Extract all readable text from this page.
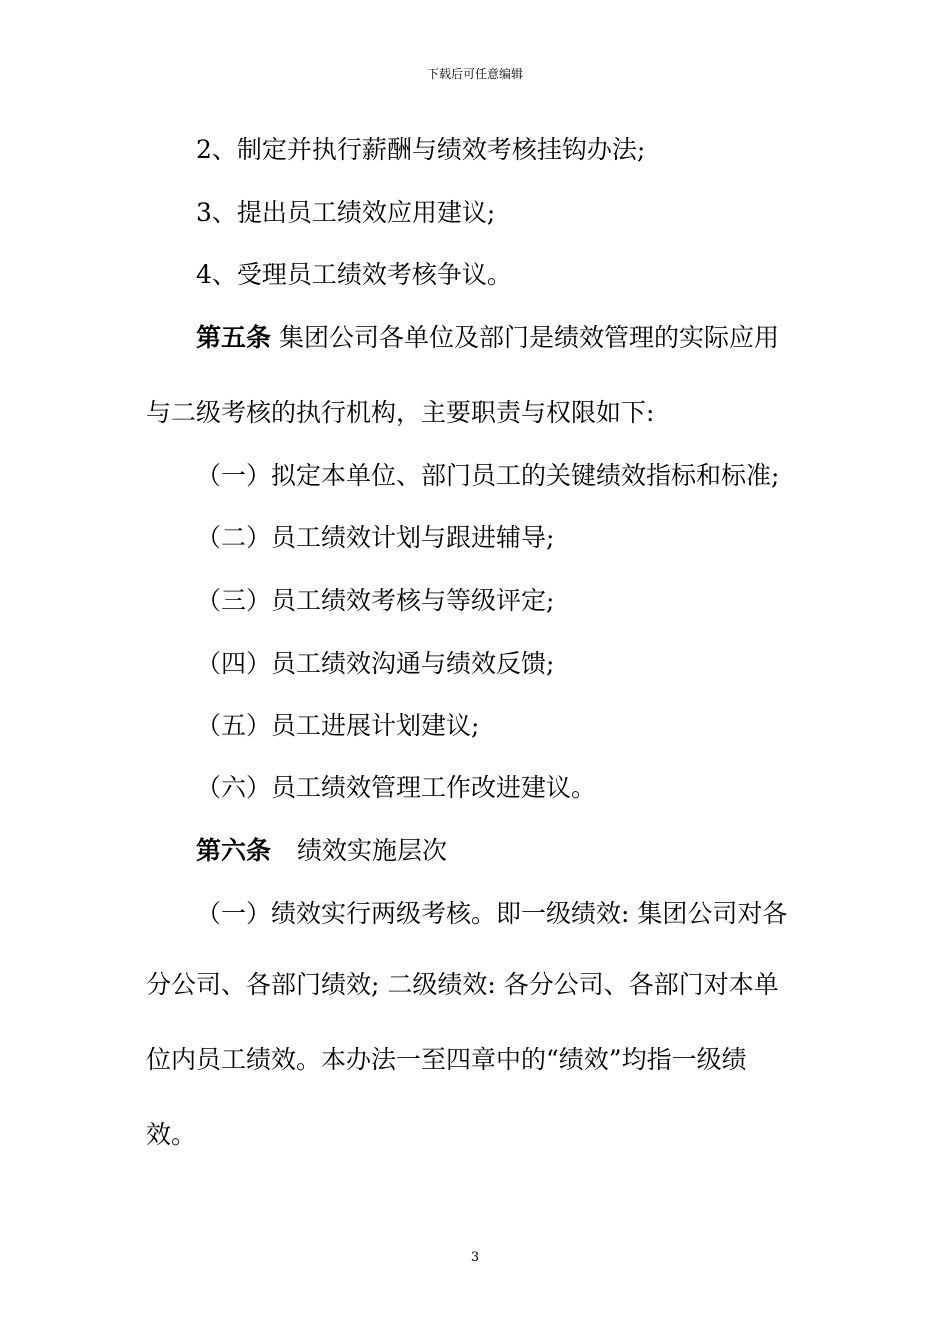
下载后可任意编辑
2、制定并执行薪酬与绩效考核挂钩办法;
3、提出员工绩效应用建议;
4、受理员工绩效考核争议。
第五条 集团公司各单位及部门是绩效管理的实际应用
与二级考核的执行机构，主要职责与权限如下:
（一）拟定本单位、部门员工的关键绩效指标和标准;
（二）员工绩效计划与跟进辅导;
（三）员工绩效考核与等级评定;
（四）员工绩效沟通与绩效反馈;
（五）员工进展计划建议;
（六）员工绩效管理工作改进建议。
第六条 绩效实施层次
（一）绩效实行两级考核。即一级绩效: 集团公司对各
分公司、各部门绩效; 二级绩效: 各分公司、各部门对本单
位内员工绩效。本办法一至四章中的“绩效”均指一级绩
效。
3
